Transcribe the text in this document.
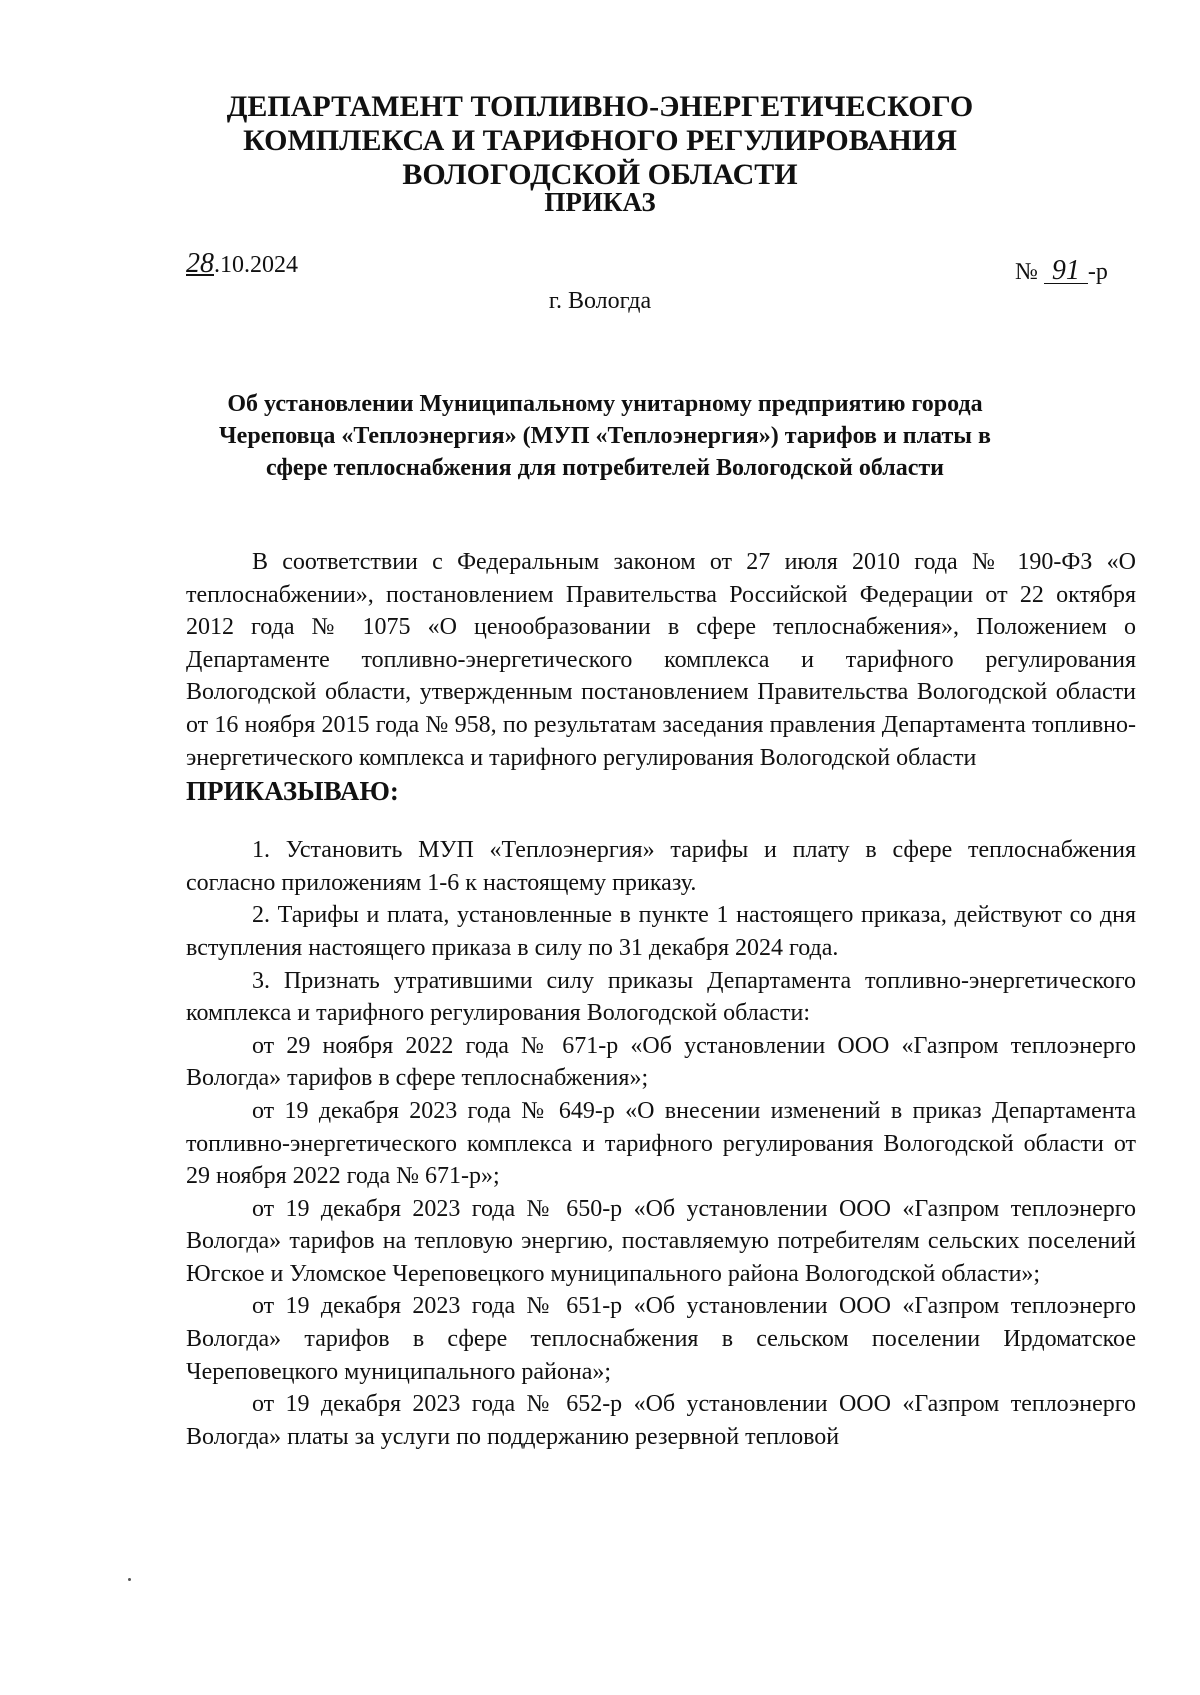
ДЕПАРТАМЕНТ ТОПЛИВНО-ЭНЕРГЕТИЧЕСКОГО КОМПЛЕКСА И ТАРИФНОГО РЕГУЛИРОВАНИЯ ВОЛОГОДСКОЙ ОБЛАСТИ
ПРИКАЗ
28.10.2024	№ 91 -р
г. Вологда
Об установлении Муниципальному унитарному предприятию города Череповца «Теплоэнергия» (МУП «Теплоэнергия») тарифов и платы в сфере теплоснабжения для потребителей Вологодской области

В соответствии с Федеральным законом от 27 июля 2010 года № 190-ФЗ «О теплоснабжении», постановлением Правительства Российской Федерации от 22 октября 2012 года № 1075 «О ценообразовании в сфере теплоснабжения», Положением о Департаменте топливно-энергетического комплекса и тарифного регулирования Вологодской области, утвержденным постановлением Правительства Вологодской области от 16 ноября 2015 года № 958, по результатам заседания правления Департамента топливно-энергетического комплекса и тарифного регулирования Вологодской области

ПРИКАЗЫВАЮ:

1. Установить МУП «Теплоэнергия» тарифы и плату в сфере теплоснабжения согласно приложениям 1-6 к настоящему приказу.

2. Тарифы и плата, установленные в пункте 1 настоящего приказа, действуют со дня вступления настоящего приказа в силу по 31 декабря 2024 года.

3. Признать утратившими силу приказы Департамента топливно-энергетического комплекса и тарифного регулирования Вологодской области:

от 29 ноября 2022 года № 671-р «Об установлении ООО «Газпром теплоэнерго Вологда» тарифов в сфере теплоснабжения»;

от 19 декабря 2023 года № 649-р «О внесении изменений в приказ Департамента топливно-энергетического комплекса и тарифного регулирования Вологодской области от 29 ноября 2022 года № 671-р»;

от 19 декабря 2023 года № 650-р «Об установлении ООО «Газпром теплоэнерго Вологда» тарифов на тепловую энергию, поставляемую потребителям сельских поселений Югское и Уломское Череповецкого муниципального района Вологодской области»;

от 19 декабря 2023 года № 651-р «Об установлении ООО «Газпром теплоэнерго Вологда» тарифов в сфере теплоснабжения в сельском поселении Ирдоматское Череповецкого муниципального района»;

от 19 декабря 2023 года № 652-р «Об установлении ООО «Газпром теплоэнерго Вологда» платы за услуги по поддержанию резервной тепловой
